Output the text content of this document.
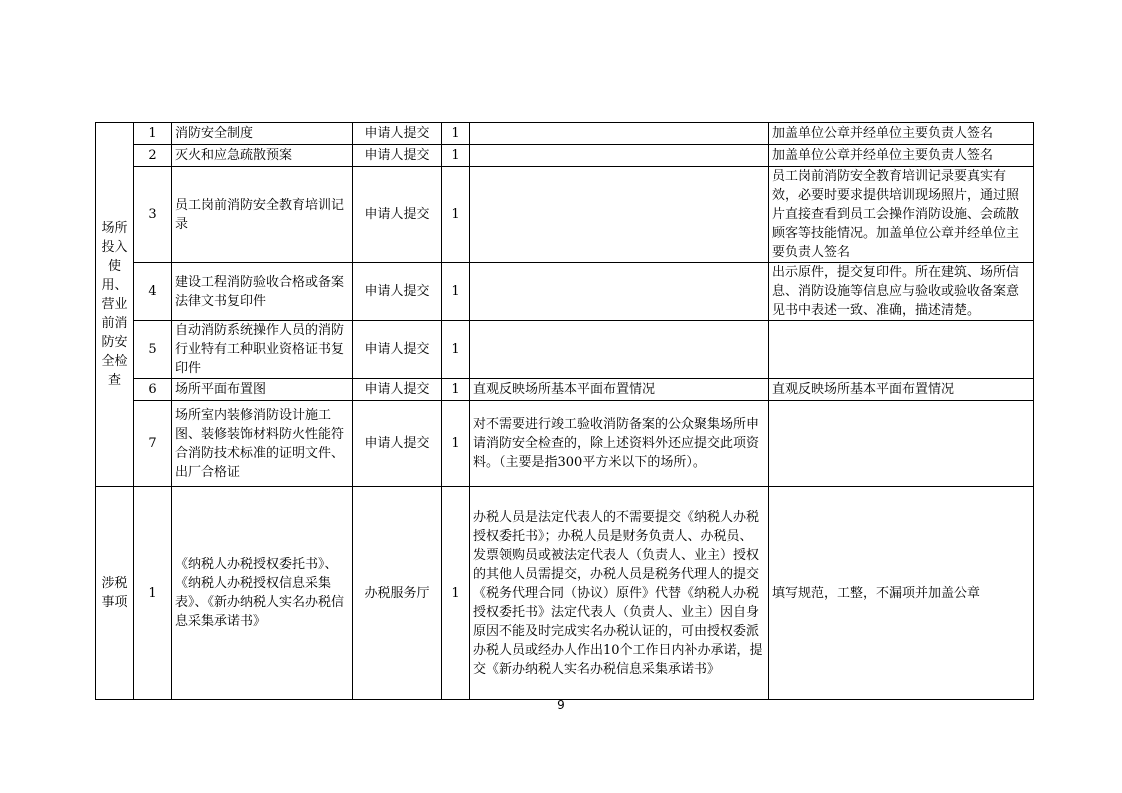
场所投入使用、营业前消防安全检查	1	消防安全制度	申请人提交	1		加盖单位公章并经单位主要负责人签名
	2	灭火和应急疏散预案	申请人提交	1		加盖单位公章并经单位主要负责人签名
	3	员工岗前消防安全教育培训记录	申请人提交	1		员工岗前消防安全教育培训记录要真实有效，必要时要求提供培训现场照片，通过照片直接查看到员工会操作消防设施、会疏散顾客等技能情况。加盖单位公章并经单位主要负责人签名
	4	建设工程消防验收合格或备案法律文书复印件	申请人提交	1		出示原件，提交复印件。所在建筑、场所信息、消防设施等信息应与验收或验收备案意见书中表述一致、准确，描述清楚。
	5	自动消防系统操作人员的消防行业特有工种职业资格证书复印件	申请人提交	1		
	6	场所平面布置图	申请人提交	1	直观反映场所基本平面布置情况	直观反映场所基本平面布置情况
	7	场所室内装修消防设计施工图、装修装饰材料防火性能符合消防技术标准的证明文件、出厂合格证	申请人提交	1	对不需要进行竣工验收消防备案的公众聚集场所申请消防安全检查的，除上述资料外还应提交此项资料。（主要是指300平方米以下的场所）。	
涉税事项	1	《纳税人办税授权委托书》、《纳税人办税授权信息采集表》、《新办纳税人实名办税信息采集承诺书》	办税服务厅	1	办税人员是法定代表人的不需要提交《纳税人办税授权委托书》；办税人员是财务负责人、办税员、发票领购员或被法定代表人（负责人、业主）授权的其他人员需提交，办税人员是税务代理人的提交《税务代理合同（协议）原件》代替《纳税人办税授权委托书》法定代表人（负责人、业主）因自身原因不能及时完成实名办税认证的，可由授权委派办税人员或经办人作出10个工作日内补办承诺，提交《新办纳税人实名办税信息采集承诺书》	填写规范，工整，不漏项并加盖公章
9
